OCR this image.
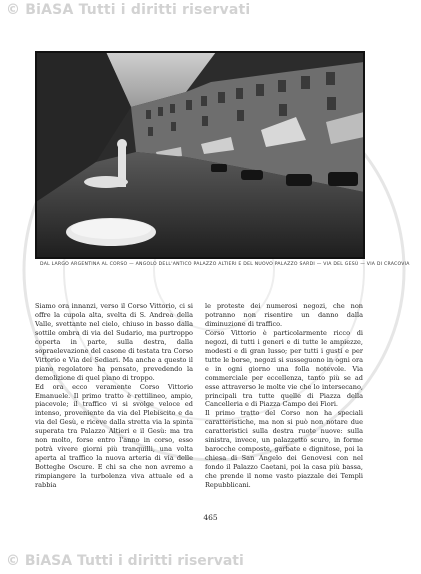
© BiASA Tutti i diritti riservati
© BiASA Tutti i diritti riservati
DAL LARGO ARGENTINA AL CORSO — ANGOLO DELL'ANTICO PALAZZO ALTIERI E DEL NUOVO PALAZZO SARDI — VIA DEL GESÙ — VIA DI CRACOVIA

Siamo ora innanzi, verso il Corso Vittorio, ci si offre la cupola alta, svelta di S. Andrea della Valle, svettante nel cielo, chiuso in basso dalla sottile ombra di via del Sudario, ma purtroppo coperta in parte, sulla destra, dalla sopraelevazione del casone di testata tra Corso Vittorio e Via dei Sediari. Ma anche a questo il piano regolatore ha pensato, prevedendo la demolizione di quel piano di troppo.
Ed ora ecco veramente Corso Vittorio Emanuele. Il primo tratto è rettilineo, ampio, piacevole; il traffico vi si svolge veloce ed intenso, proveniente da via del Plebiscito e da via del Gesù, e riceve dalla stretta via la spinta superata tra Palazzo Altieri e il Gesù: ma tra non molto, forse entro l'anno in corso, esso potrà vivere giorni più tranquilli, una volta aperta al traffico la nuova arteria di via delle Botteghe Oscure. E chi sa che non avremo a rimpiangere la turbolenza viva attuale ed a rabbia

le proteste dei numerosi negozi, che non potranno non risentire un danno dalla diminuzione di traffico.
Corso Vittorio è particolarmente ricco di negozi, di tutti i generi e di tutte le ampiezze, modesti e di gran lusso; per tutti i gusti e per tutte le borse, negozi si susseguono in ogni ora e in ogni giorno una folla notevole. Via commerciale per eccellenza, tanto più se ad esse attraverso le molte vie che lo intersecano, principali tra tutte quelle di Piazza della Cancelleria e di Piazza Campo dei Fiori.
Il primo tratto del Corso non ha speciali caratteristiche, ma non si può non notare due caratteristici sulla destra ruote nuove: sulla sinistra, invece, un palazzetto scuro, in forme barocche composte, garbate e dignitose, poi la chiesa di San Angelo dei Genovesi con nel fondo il Palazzo Caetani, poi la casa più bassa, che prende il nome vasto piazzale dei Templi Repubblicani.

465
